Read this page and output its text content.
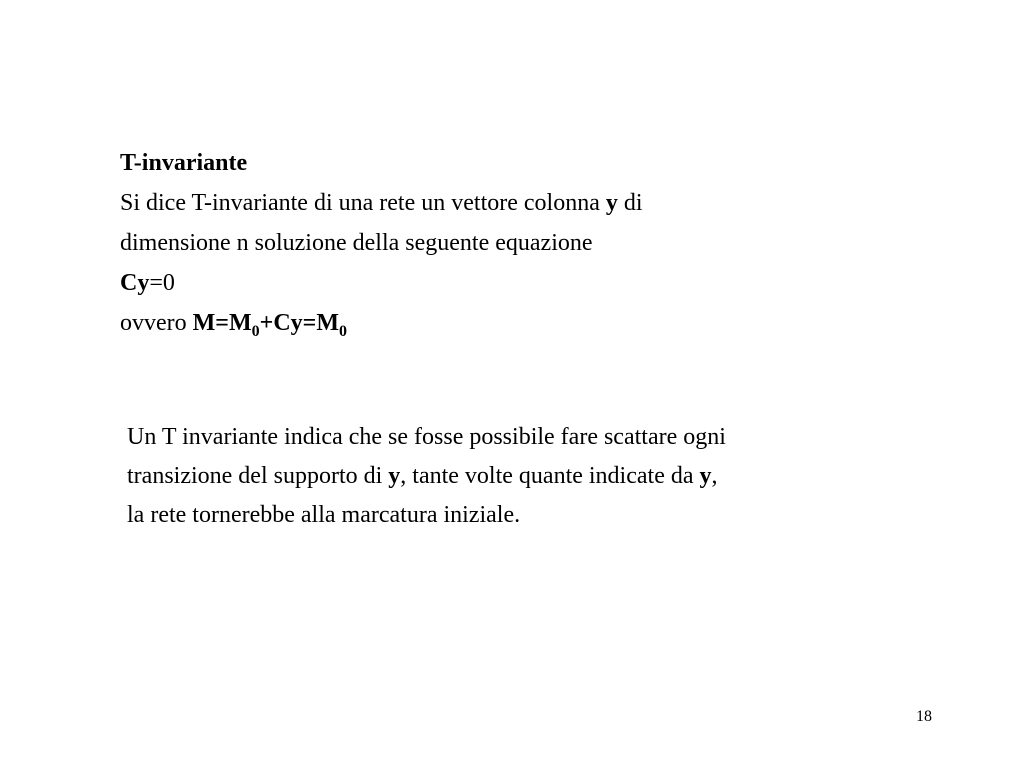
T-invariante
Si dice T-invariante di una rete un vettore colonna y di
dimensione n soluzione della seguente equazione
Cy=0
ovvero $M=M_0+Cy=M_0$
Un T invariante indica che se fosse possibile fare scattare ogni
transizione del supporto di y, tante volte quante indicate da y,
la rete tornerebbe alla marcatura iniziale.
18
